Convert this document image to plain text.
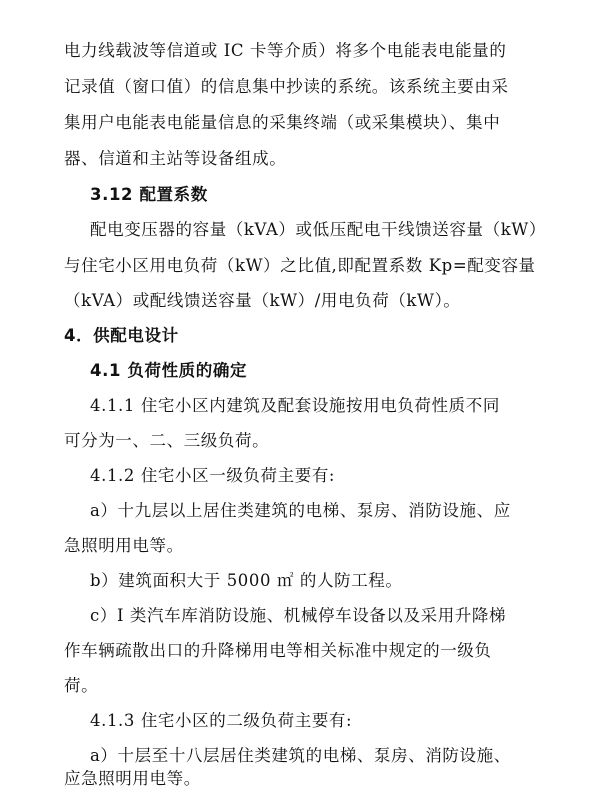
电力线载波等信道或 IC 卡等介质）将多个电能表电能量的
记录值（窗口值）的信息集中抄读的系统。该系统主要由采
集用户电能表电能量信息的采集终端（或采集模块）、集中
器、信道和主站等设备组成。
3.12 配置系数
配电变压器的容量（kVA）或低压配电干线馈送容量（kW）
与住宅小区用电负荷（kW）之比值,即配置系数 Kp=配变容量
（kVA）或配线馈送容量（kW）/用电负荷（kW）。
4．供配电设计
4.1 负荷性质的确定
4.1.1 住宅小区内建筑及配套设施按用电负荷性质不同
可分为一、二、三级负荷。
4.1.2 住宅小区一级负荷主要有:
a）十九层以上居住类建筑的电梯、泵房、消防设施、应
急照明用电等。
b）建筑面积大于 5000 ㎡ 的人防工程。
c）I 类汽车库消防设施、机械停车设备以及采用升降梯
作车辆疏散出口的升降梯用电等相关标准中规定的一级负
荷。
4.1.3 住宅小区的二级负荷主要有:
a）十层至十八层居住类建筑的电梯、泵房、消防设施、
应急照明用电等。
